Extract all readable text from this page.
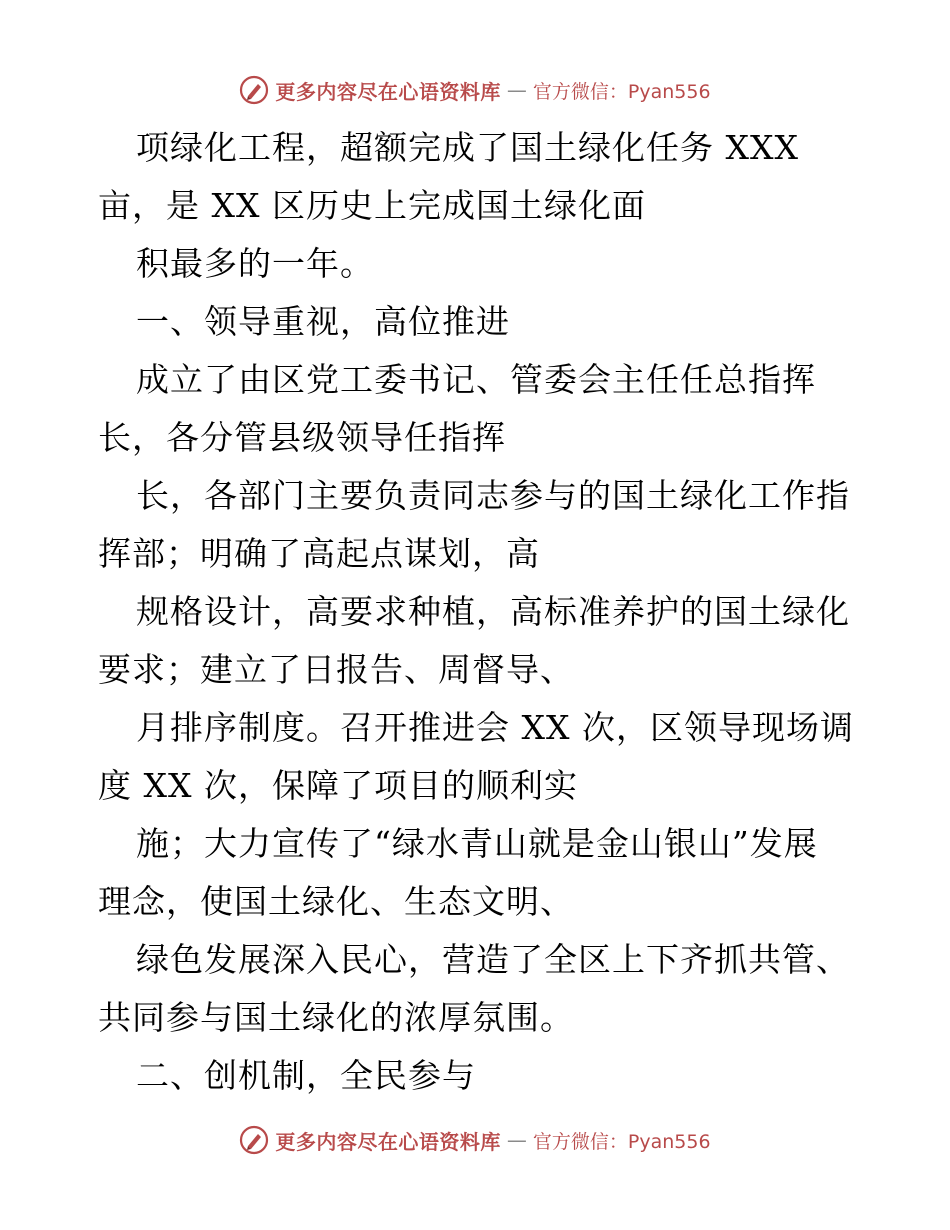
更多内容尽在心语资料库 — 官方微信：Pyan556
项绿化工程，超额完成了国土绿化任务 XXX
亩，是 XX 区历史上完成国土绿化面
积最多的一年。
一、领导重视，高位推进
成立了由区党工委书记、管委会主任任总指挥
长，各分管县级领导任指挥
长，各部门主要负责同志参与的国土绿化工作指
挥部；明确了高起点谋划，高
规格设计，高要求种植，高标准养护的国土绿化
要求；建立了日报告、周督导、
月排序制度。召开推进会 XX 次，区领导现场调
度 XX 次，保障了项目的顺利实
施；大力宣传了“绿水青山就是金山银山”发展
理念，使国土绿化、生态文明、
绿色发展深入民心，营造了全区上下齐抓共管、
共同参与国土绿化的浓厚氛围。
二、创机制，全民参与
更多内容尽在心语资料库 — 官方微信：Pyan556
